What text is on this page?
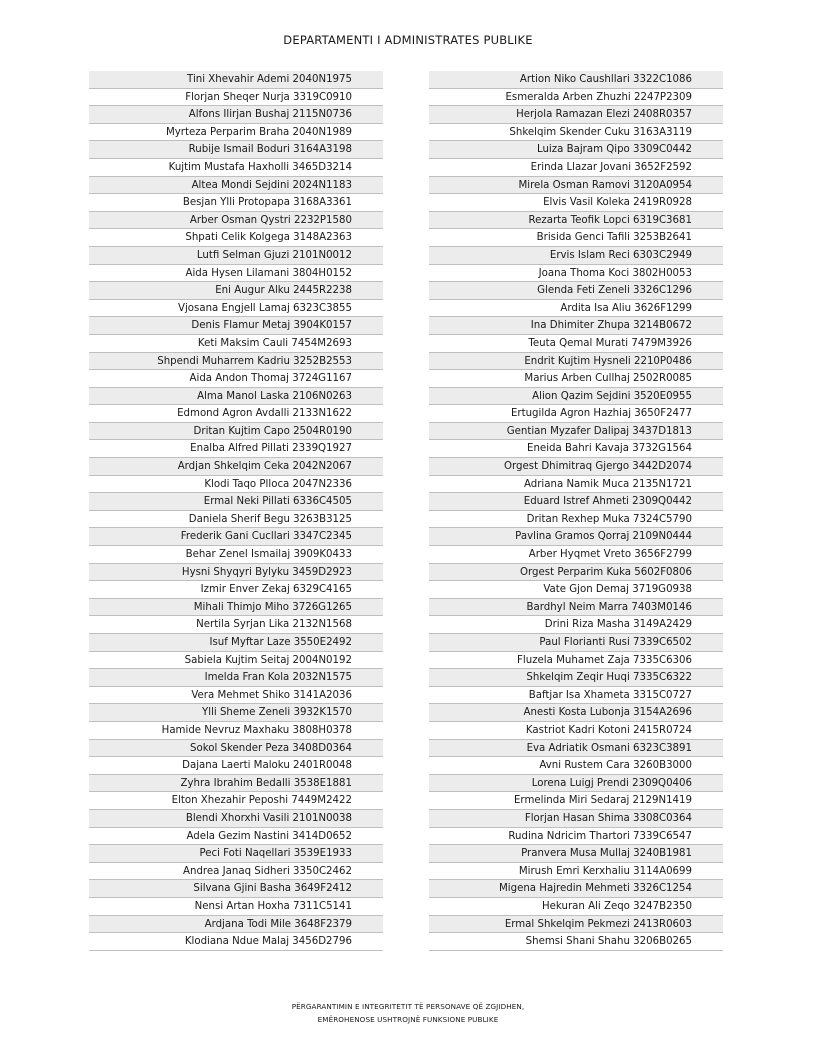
DEPARTAMENTI I ADMINISTRATES PUBLIKE
Tini Xhevahir Ademi 2040N1975
Florjan Sheqer Nurja 3319C0910
Alfons Ilirjan Bushaj 2115N0736
Myrteza Perparim Braha 2040N1989
Rubije Ismail Boduri 3164A3198
Kujtim Mustafa Haxholli 3465D3214
Altea Mondi Sejdini 2024N1183
Besjan Ylli Protopapa 3168A3361
Arber Osman Qystri 2232P1580
Shpati Celik Kolgega 3148A2363
Lutfi Selman Gjuzi 2101N0012
Aida Hysen Lilamani 3804H0152
Eni Augur Alku 2445R2238
Vjosana Engjell Lamaj 6323C3855
Denis Flamur Metaj 3904K0157
Keti Maksim Cauli 7454M2693
Shpendi Muharrem Kadriu 3252B2553
Aida Andon Thomaj 3724G1167
Alma Manol Laska 2106N0263
Edmond Agron Avdalli 2133N1622
Dritan Kujtim Capo 2504R0190
Enalba Alfred Pillati 2339Q1927
Ardjan Shkelqim Ceka 2042N2067
Klodi Taqo Plloca 2047N2336
Ermal Neki Pillati 6336C4505
Daniela Sherif Begu 3263B3125
Frederik Gani Cucllari 3347C2345
Behar Zenel Ismailaj 3909K0433
Hysni Shyqyri Bylyku 3459D2923
Izmir Enver Zekaj 6329C4165
Mihali Thimjo Miho 3726G1265
Nertila Syrjan Lika 2132N1568
Isuf Myftar Laze 3550E2492
Sabiela Kujtim Seitaj 2004N0192
Imelda Fran Kola 2032N1575
Vera Mehmet Shiko 3141A2036
Ylli Sheme Zeneli 3932K1570
Hamide Nevruz Maxhaku 3808H0378
Sokol Skender Peza 3408D0364
Dajana Laerti Maloku 2401R0048
Zyhra Ibrahim Bedalli 3538E1881
Elton Xhezahir Peposhi 7449M2422
Blendi Xhorxhi Vasili 2101N0038
Adela Gezim Nastini 3414D0652
Peci Foti Naqellari 3539E1933
Andrea Janaq Sidheri 3350C2462
Silvana Gjini Basha 3649F2412
Nensi Artan Hoxha 7311C5141
Ardjana Todi Mile 3648F2379
Klodiana Ndue Malaj 3456D2796
Artion Niko Caushllari 3322C1086
Esmeralda Arben Zhuzhi 2247P2309
Herjola Ramazan Elezi 2408R0357
Shkelqim Skender Cuku 3163A3119
Luiza Bajram Qipo 3309C0442
Erinda Llazar Jovani 3652F2592
Mirela Osman Ramovi 3120A0954
Elvis Vasil Koleka 2419R0928
Rezarta Teofik Lopci 6319C3681
Brisida Genci Tafili 3253B2641
Ervis Islam Reci 6303C2949
Joana Thoma Koci 3802H0053
Glenda Feti Zeneli 3326C1296
Ardita Isa Aliu 3626F1299
Ina Dhimiter Zhupa 3214B0672
Teuta Qemal Murati 7479M3926
Endrit Kujtim Hysneli 2210P0486
Marius Arben Cullhaj 2502R0085
Alion Qazim Sejdini 3520E0955
Ertugilda Agron Hazhiaj 3650F2477
Gentian Myzafer Dalipaj 3437D1813
Eneida Bahri Kavaja 3732G1564
Orgest Dhimitraq Gjergo 3442D2074
Adriana Namik Muca 2135N1721
Eduard Istref Ahmeti 2309Q0442
Dritan Rexhep Muka 7324C5790
Pavlina Gramos Qorraj 2109N0444
Arber Hyqmet Vreto 3656F2799
Orgest Perparim Kuka 5602F0806
Vate Gjon Demaj 3719G0938
Bardhyl Neim Marra 7403M0146
Drini Riza Masha 3149A2429
Paul Florianti Rusi 7339C6502
Fluzela Muhamet Zaja 7335C6306
Shkelqim Zeqir Huqi 7335C6322
Baftjar Isa Xhameta 3315C0727
Anesti Kosta Lubonja 3154A2696
Kastriot Kadri Kotoni 2415R0724
Eva Adriatik Osmani 6323C3891
Avni Rustem Cara 3260B3000
Lorena Luigj Prendi 2309Q0406
Ermelinda Miri Sedaraj 2129N1419
Florjan Hasan Shima 3308C0364
Rudina Ndricim Thartori 7339C6547
Pranvera Musa Mullaj 3240B1981
Mirush Emri Kerxhaliu 3114A0699
Migena Hajredin Mehmeti 3326C1254
Hekuran Ali Zeqo 3247B2350
Ermal Shkelqim Pekmezi 2413R0603
Shemsi Shani Shahu 3206B0265
PËRGARANTIMIN E INTEGRITETIT TË PERSONAVE QË ZGJIDHEN,
EMËROHENOSE USHTROJNË FUNKSIONE PUBLIKE
